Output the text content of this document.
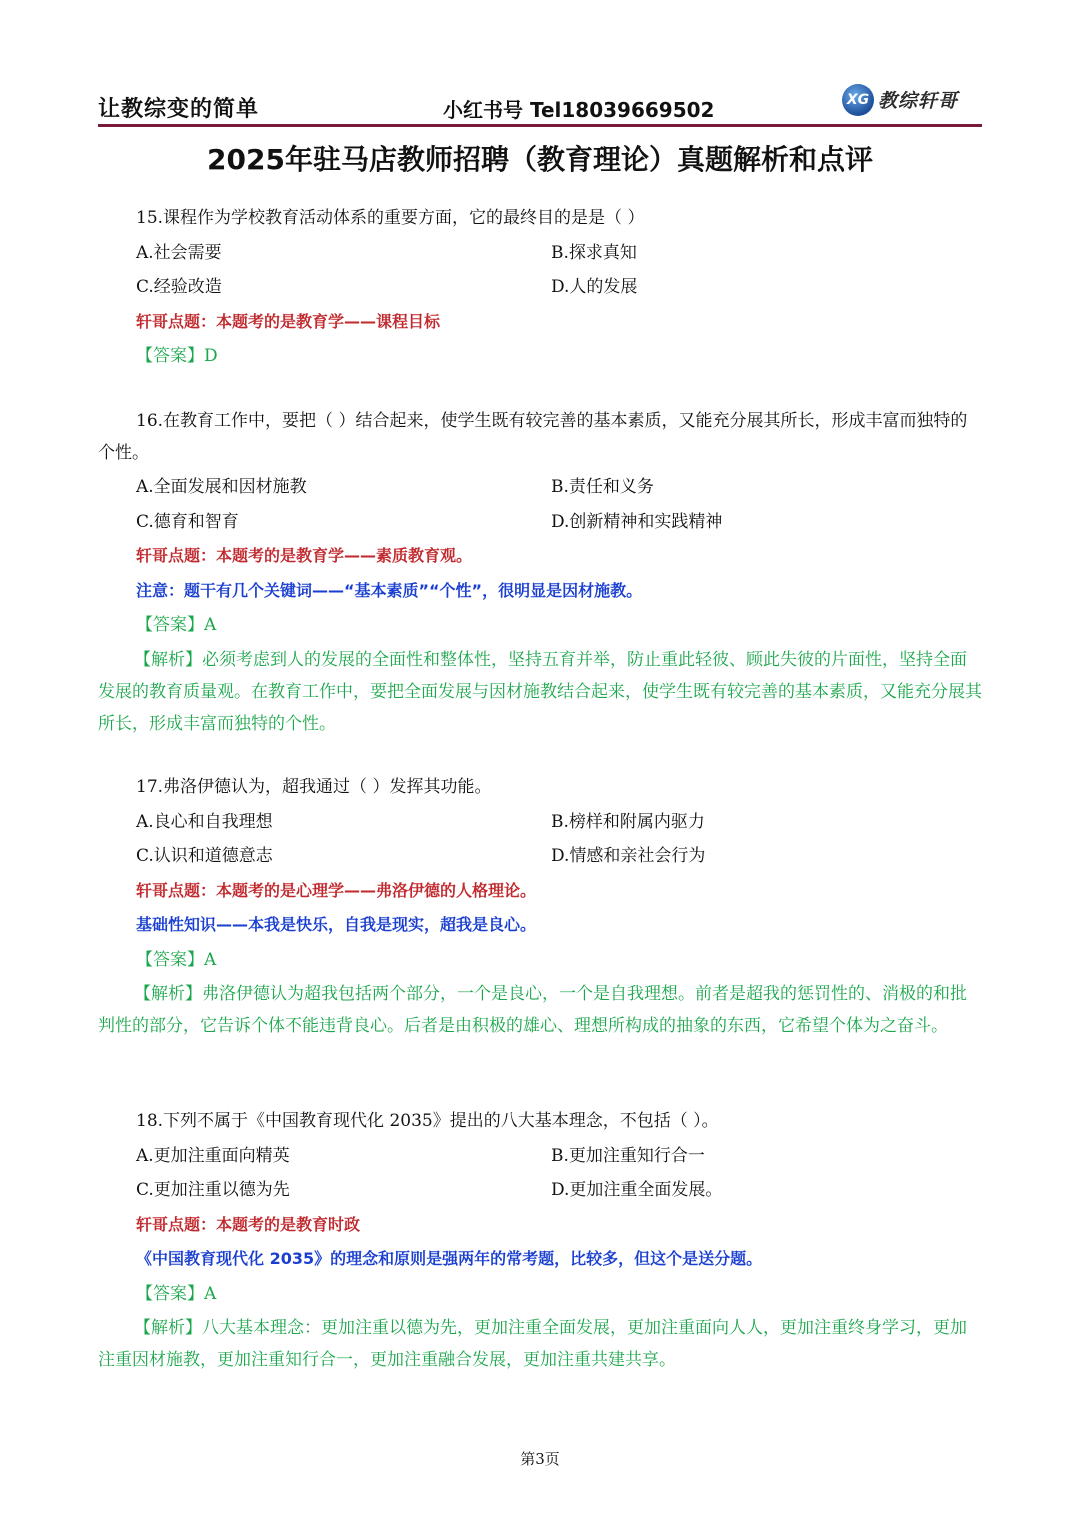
让教综变的简单	小红书号 Tel18039669502	XG 教综轩哥
2025年驻马店教师招聘（教育理论）真题解析和点评
15.课程作为学校教育活动体系的重要方面，它的最终目的是是（ ）
A.社会需要	B.探求真知
C.经验改造	D.人的发展
轩哥点题：本题考的是教育学——课程目标
【答案】D
16.在教育工作中，要把（ ）结合起来，使学生既有较完善的基本素质，又能充分展其所长，形成丰富而独特的个性。
A.全面发展和因材施教	B.责任和义务
C.德育和智育	D.创新精神和实践精神
轩哥点题：本题考的是教育学——素质教育观。
注意：题干有几个关键词——“基本素质”“个性”，很明显是因材施教。
【答案】A
【解析】必须考虑到人的发展的全面性和整体性，坚持五育并举，防止重此轻彼、顾此失彼的片面性，坚持全面发展的教育质量观。在教育工作中，要把全面发展与因材施教结合起来，使学生既有较完善的基本素质，又能充分展其所长，形成丰富而独特的个性。
17.弗洛伊德认为，超我通过（ ）发挥其功能。
A.良心和自我理想	B.榜样和附属内驱力
C.认识和道德意志	D.情感和亲社会行为
轩哥点题：本题考的是心理学——弗洛伊德的人格理论。
基础性知识——本我是快乐，自我是现实，超我是良心。
【答案】A
【解析】弗洛伊德认为超我包括两个部分，一个是良心，一个是自我理想。前者是超我的惩罚性的、消极的和批判性的部分，它告诉个体不能违背良心。后者是由积极的雄心、理想所构成的抽象的东西，它希望个体为之奋斗。
18.下列不属于《中国教育现代化 2035》提出的八大基本理念，不包括（ ）。
A.更加注重面向精英	B.更加注重知行合一
C.更加注重以德为先	D.更加注重全面发展。
轩哥点题：本题考的是教育时政
《中国教育现代化 2035》的理念和原则是强两年的常考题，比较多，但这个是送分题。
【答案】A
【解析】八大基本理念：更加注重以德为先，更加注重全面发展，更加注重面向人人，更加注重终身学习，更加注重因材施教，更加注重知行合一，更加注重融合发展，更加注重共建共享。
第3页
